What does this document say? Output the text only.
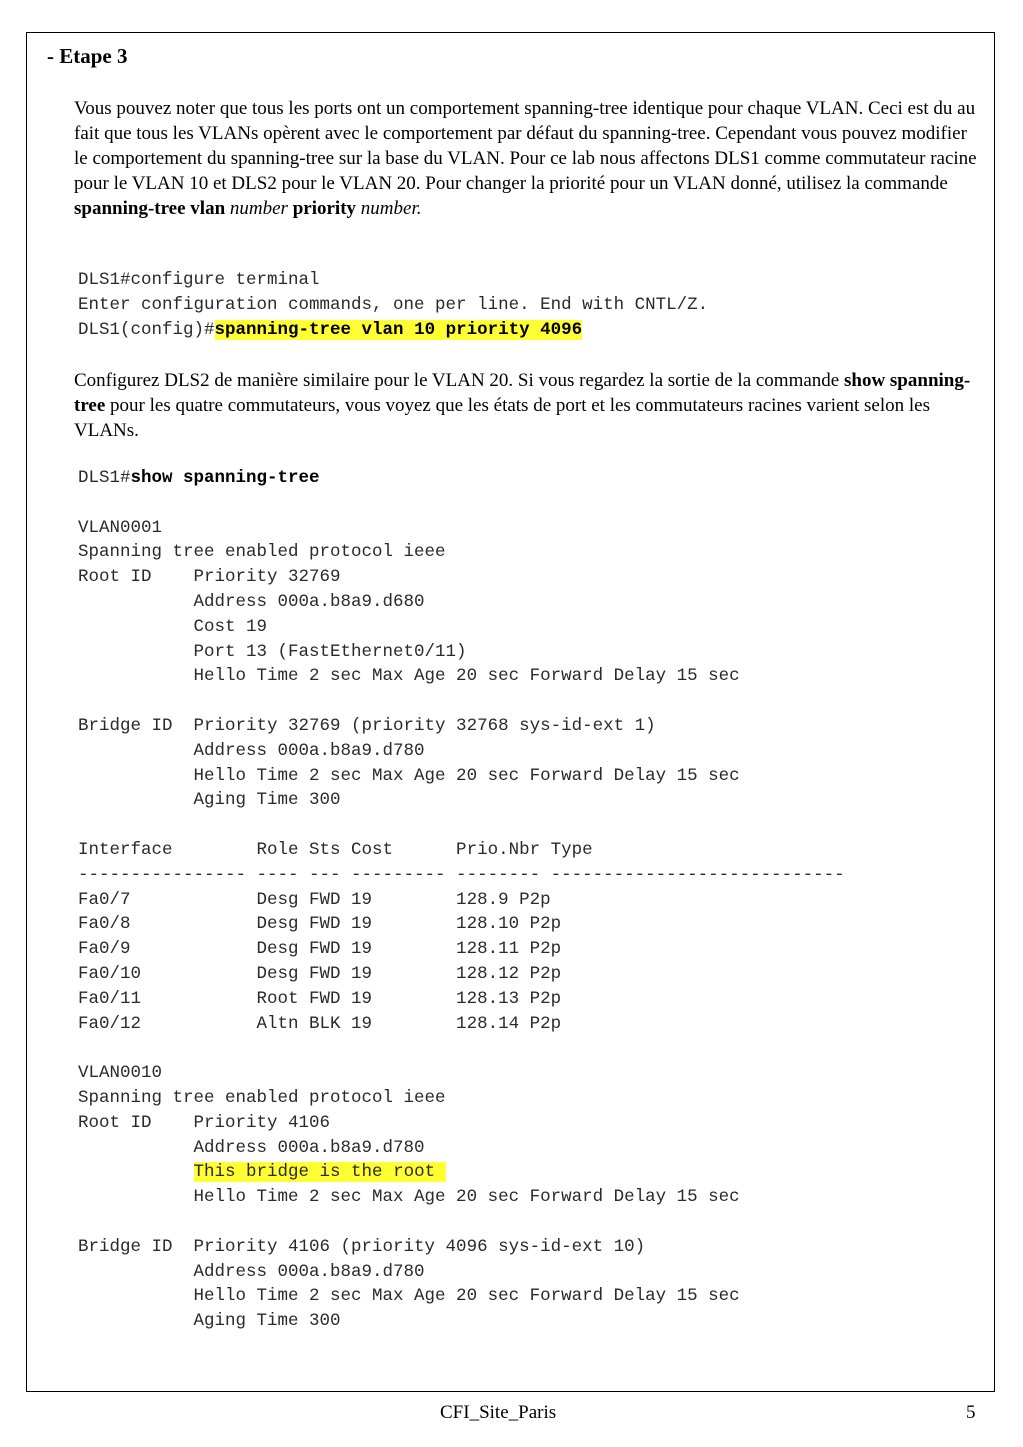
- Etape 3

Vous pouvez noter que tous les ports ont un comportement spanning-tree identique pour chaque VLAN. Ceci est du au fait que tous les VLANs opèrent avec le comportement par défaut du spanning-tree. Cependant vous pouvez modifier le comportement du spanning-tree sur la base du VLAN. Pour ce lab nous affectons DLS1 comme commutateur racine pour le VLAN 10 et DLS2 pour le VLAN 20. Pour changer la priorité pour un VLAN donné, utilisez la commande spanning-tree vlan number priority number.

DLS1#configure terminal
Enter configuration commands, one per line. End with CNTL/Z.
DLS1(config)#spanning-tree vlan 10 priority 4096

Configurez DLS2 de manière similaire pour le VLAN 20. Si vous regardez la sortie de la commande show spanning-tree pour les quatre commutateurs, vous voyez que les états de port et les commutateurs racines varient selon les VLANs.

DLS1#show spanning-tree

VLAN0001
Spanning tree enabled protocol ieee
Root ID    Priority 32769
Address 000a.b8a9.d680
Cost 19
Port 13 (FastEthernet0/11)
Hello Time 2 sec Max Age 20 sec Forward Delay 15 sec

Bridge ID  Priority 32769 (priority 32768 sys-id-ext 1)
Address 000a.b8a9.d780
Hello Time 2 sec Max Age 20 sec Forward Delay 15 sec
Aging Time 300

Interface        Role Sts Cost      Prio.Nbr Type
---------------- ---- --- --------- -------- ----------------------------
Fa0/7            Desg FWD 19        128.9 P2p
Fa0/8            Desg FWD 19        128.10 P2p
Fa0/9            Desg FWD 19        128.11 P2p
Fa0/10           Desg FWD 19        128.12 P2p
Fa0/11           Root FWD 19        128.13 P2p
Fa0/12           Altn BLK 19        128.14 P2p

VLAN0010
Spanning tree enabled protocol ieee
Root ID    Priority 4106
Address 000a.b8a9.d780
This bridge is the root
Hello Time 2 sec Max Age 20 sec Forward Delay 15 sec

Bridge ID  Priority 4106 (priority 4096 sys-id-ext 10)
Address 000a.b8a9.d780
Hello Time 2 sec Max Age 20 sec Forward Delay 15 sec
Aging Time 300
CFI_Site_Paris	5
